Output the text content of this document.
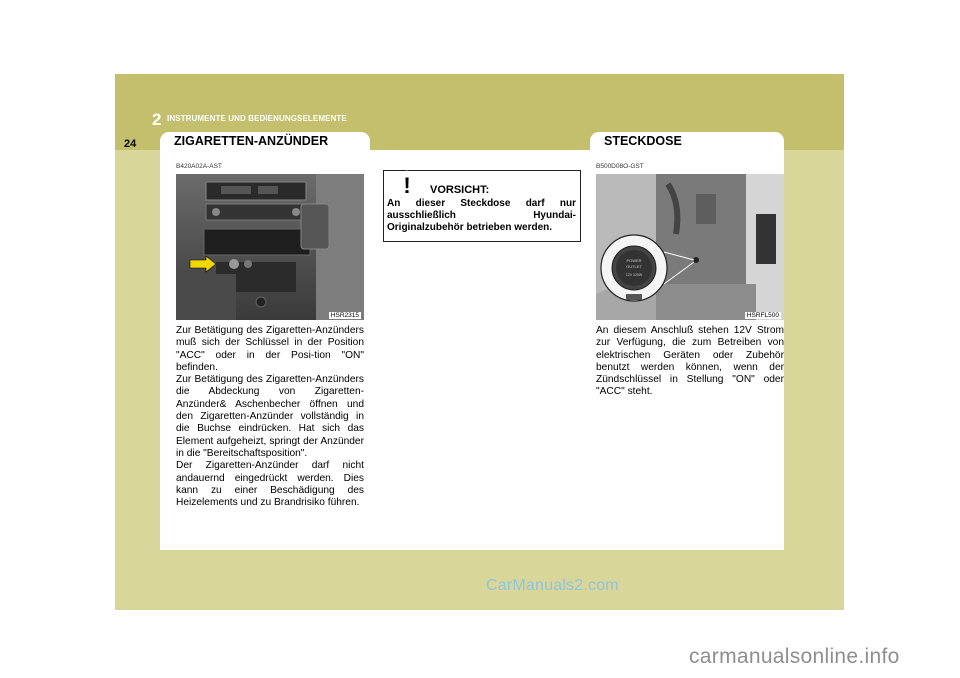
2 INSTRUMENTE UND BEDIENUNGSELEMENTE
24	ZIGARETTEN-ANZÜNDER	STECKDOSE
B420A02A-AST
HSR2315

Zur Betätigung des Zigaretten-Anzünders muß sich der Schlüssel in der Position "ACC" oder in der Posi-tion "ON" befinden.

Zur Betätigung des Zigaretten-Anzünders die Abdeckung von Zigaretten-Anzünder& Aschenbecher öffnen und den Zigaretten-Anzünder vollständig in die Buchse eindrücken. Hat sich das Element aufgeheizt, springt der Anzünder in die "Bereitschaftsposition".

Der Zigaretten-Anzünder darf nicht andauernd eingedrückt werden. Dies kann zu einer Beschädigung des Heizelements und zu Brandrisiko führen.

! VORSICHT:
An dieser Steckdose darf nur ausschließlich Hyundai-Originalzubehör betrieben werden.
B500D08O-GST
POWER
OUTLET
12V 120W
HSRFL500

An diesem Anschluß stehen 12V Strom zur Verfügung, die zum Betreiben von elektrischen Geräten oder Zubehör benutzt werden können, wenn der Zündschlüssel in Stellung "ON" oder "ACC" steht.

CarManuals2.com
carmanualsonline.info
